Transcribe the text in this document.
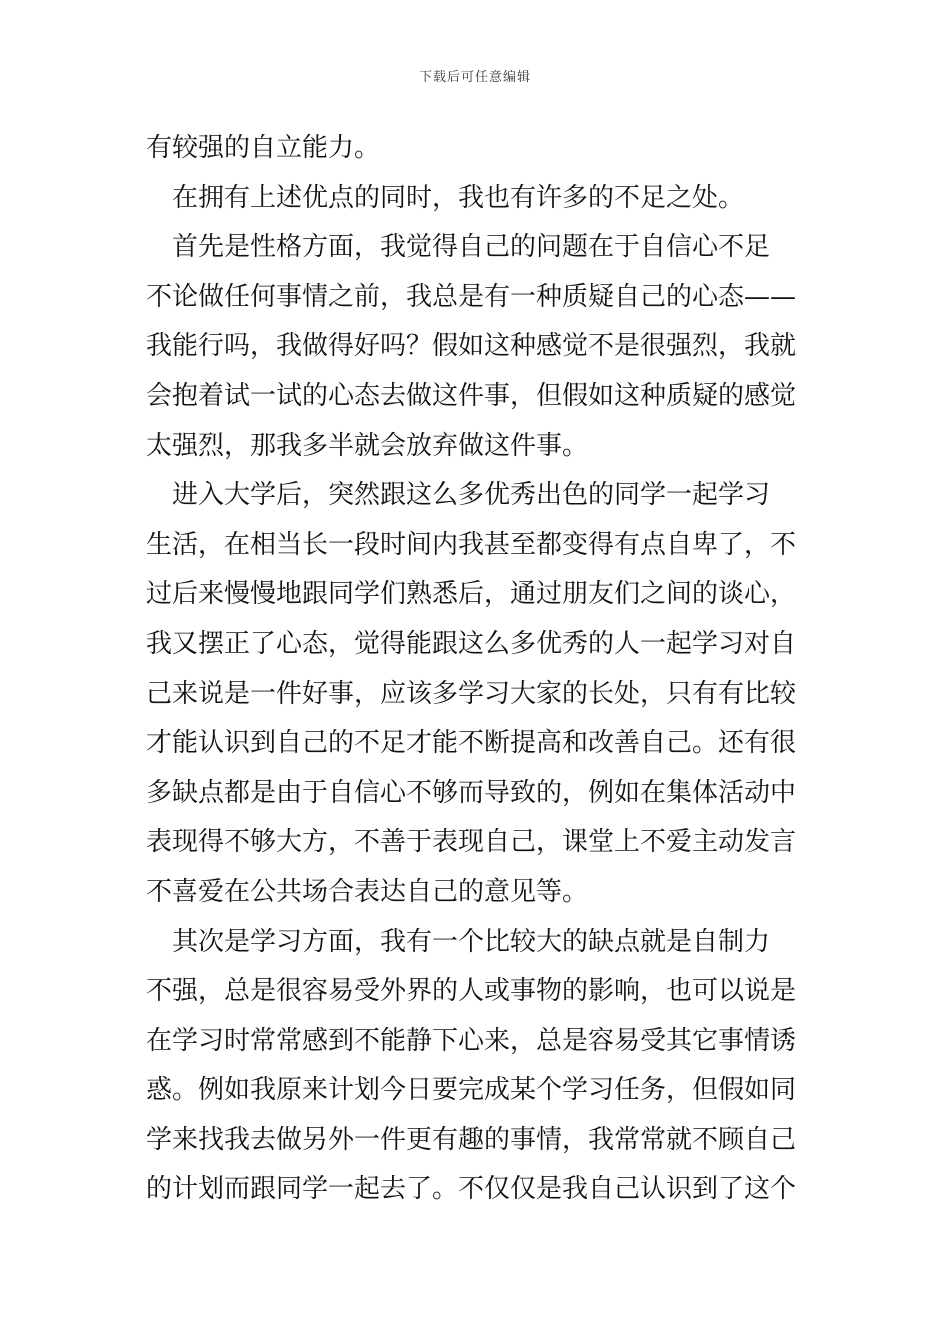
下载后可任意编辑
有较强的自立能力。
　在拥有上述优点的同时，我也有许多的不足之处。
　首先是性格方面，我觉得自己的问题在于自信心不足
不论做任何事情之前，我总是有一种质疑自己的心态——
我能行吗，我做得好吗？假如这种感觉不是很强烈，我就
会抱着试一试的心态去做这件事，但假如这种质疑的感觉
太强烈，那我多半就会放弃做这件事。
　进入大学后，突然跟这么多优秀出色的同学一起学习
生活，在相当长一段时间内我甚至都变得有点自卑了，不
过后来慢慢地跟同学们熟悉后，通过朋友们之间的谈心，
我又摆正了心态，觉得能跟这么多优秀的人一起学习对自
己来说是一件好事，应该多学习大家的长处，只有有比较
才能认识到自己的不足才能不断提高和改善自己。还有很
多缺点都是由于自信心不够而导致的，例如在集体活动中
表现得不够大方，不善于表现自己，课堂上不爱主动发言
不喜爱在公共场合表达自己的意见等。
　其次是学习方面，我有一个比较大的缺点就是自制力
不强，总是很容易受外界的人或事物的影响，也可以说是
在学习时常常感到不能静下心来，总是容易受其它事情诱
惑。例如我原来计划今日要完成某个学习任务，但假如同
学来找我去做另外一件更有趣的事情，我常常就不顾自己
的计划而跟同学一起去了。不仅仅是我自己认识到了这个
